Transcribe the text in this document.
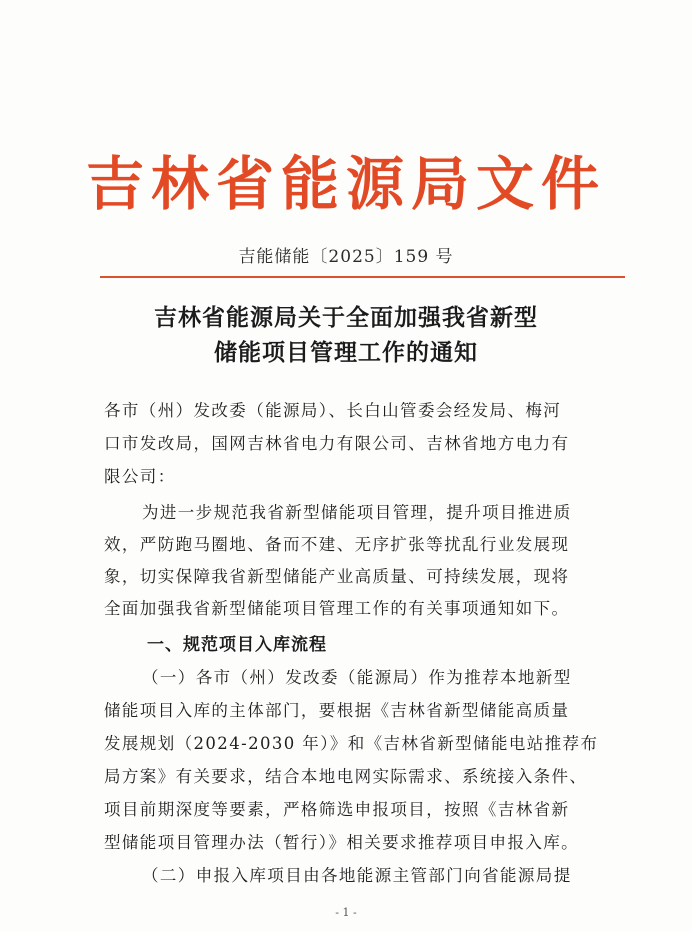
吉林省能源局文件
吉能储能〔2025〕159 号
吉林省能源局关于全面加强我省新型
储能项目管理工作的通知
各市（州）发改委（能源局）、长白山管委会经发局、梅河
口市发改局，国网吉林省电力有限公司、吉林省地方电力有
限公司：
为进一步规范我省新型储能项目管理，提升项目推进质
效，严防跑马圈地、备而不建、无序扩张等扰乱行业发展现
象，切实保障我省新型储能产业高质量、可持续发展，现将
全面加强我省新型储能项目管理工作的有关事项通知如下。
一、规范项目入库流程
（一）各市（州）发改委（能源局）作为推荐本地新型
储能项目入库的主体部门，要根据《吉林省新型储能高质量
发展规划（2024-2030 年）》和《吉林省新型储能电站推荐布
局方案》有关要求，结合本地电网实际需求、系统接入条件、
项目前期深度等要素，严格筛选申报项目，按照《吉林省新
型储能项目管理办法（暂行）》相关要求推荐项目申报入库。
（二）申报入库项目由各地能源主管部门向省能源局提
- 1 -
